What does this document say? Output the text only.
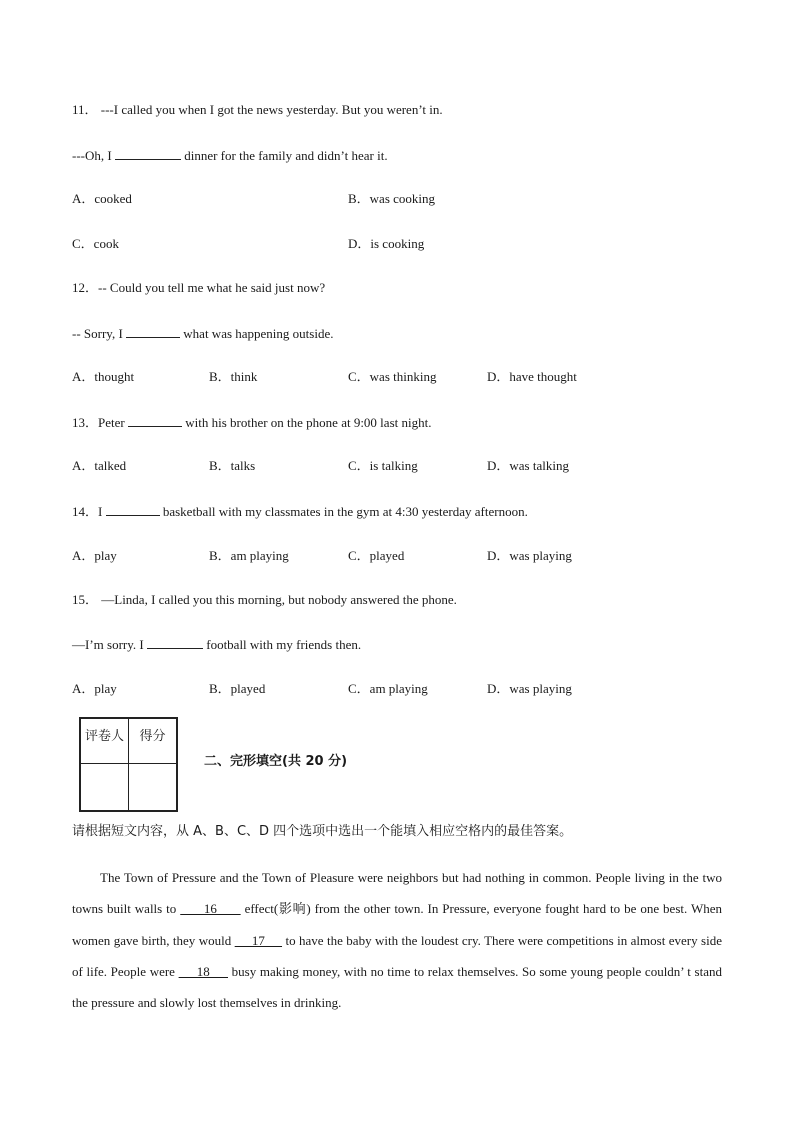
11． ---I called you when I got the news yesterday. But you weren’t in.
---Oh, I	dinner for the family and didn’t hear it.
A．cooked	B．was cooking
C．cook	D．is cooking
12．-- Could you tell me what he said just now?
-- Sorry, I	what was happening outside.
A．thought	B．think	C．was thinking	D．have thought
13．Peter	with his brother on the phone at 9:00 last night.
A．talked	B．talks	C．is talking	D．was talking
14．I	basketball with my classmates in the gym at 4:30 yesterday afternoon.
A．play	B．am playing	C．played	D．was playing
15． —Linda, I called you this morning, but nobody answered the phone.
—I’m sorry. I	football with my friends then.
A．play	B．played	C．am playing	D．was playing
评卷人	得分

二、完形填空(共 20 分)
请根据短文内容，从 A、B、C、D 四个选项中选出一个能填入相应空格内的最佳答案。
The Town of Pressure and the Town of Pleasure were neighbors but had nothing in common. People living in the two towns built walls to       16       effect(影响) from the other town. In Pressure, everyone fought hard to be one best. When women gave birth, they would      17      to have the baby with the loudest cry. There were competitions in almost every side of life. People were      18      busy making money, with no time to relax themselves. So some young people couldn’ t stand the pressure and slowly lost themselves in drinking.
